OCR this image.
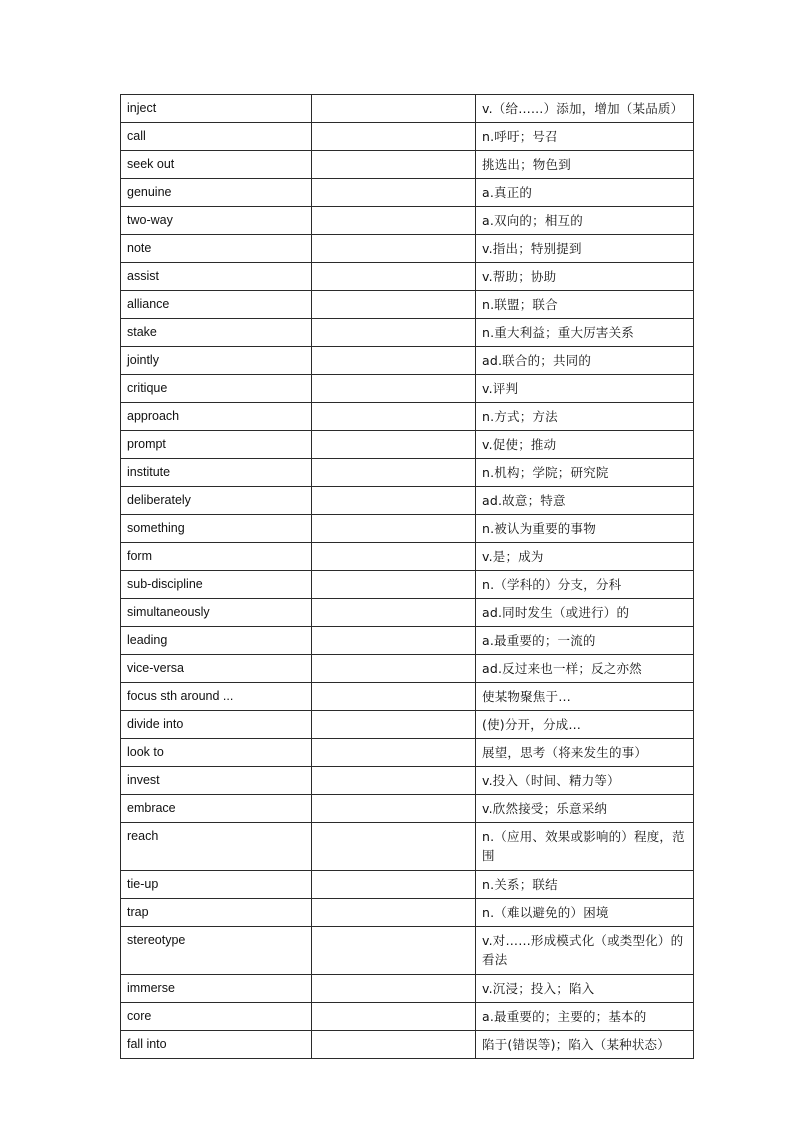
inject		v.（给……）添加，增加（某品质）
call		n.呼吁；号召
seek out		挑选出；物色到
genuine		a.真正的
two-way		a.双向的；相互的
note		v.指出；特别提到
assist		v.帮助；协助
alliance		n.联盟；联合
stake		n.重大利益；重大厉害关系
jointly		ad.联合的；共同的
critique		v.评判
approach		n.方式；方法
prompt		v.促使；推动
institute		n.机构；学院；研究院
deliberately		ad.故意；特意
something		n.被认为重要的事物
form		v.是；成为
sub-discipline		n.（学科的）分支，分科
simultaneously		ad.同时发生（或进行）的
leading		a.最重要的；一流的
vice-versa		ad.反过来也一样；反之亦然
focus sth around ...		使某物聚焦于…
divide into		(使)分开，分成…
look to		展望，思考（将来发生的事）
invest		v.投入（时间、精力等）
embrace		v.欣然接受；乐意采纳
reach		n.（应用、效果或影响的）程度，范围
tie-up		n.关系；联结
trap		n.（难以避免的）困境
stereotype		v.对……形成模式化（或类型化）的看法
immerse		v.沉浸；投入；陷入
core		a.最重要的；主要的；基本的
fall into		陷于(错误等)；陷入（某种状态）
